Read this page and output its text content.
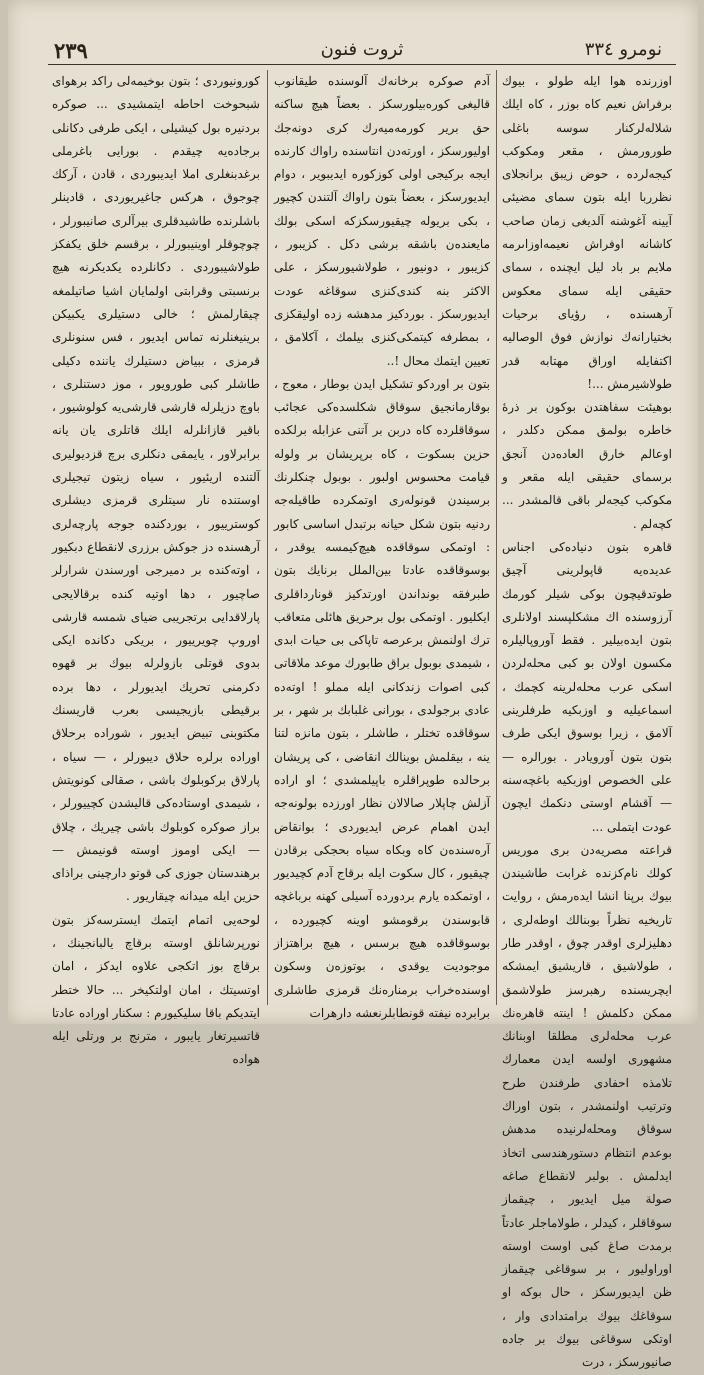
نومرو ٣٣٤
ثروت فنون
٢٣٩

اوزرنده هوا ايله طولو ، بيوك برفراش نعيم كاه بوزر ، كاه ايلك شلاله‌لركنار سوسه باغلى طورورمش ، مقعر ومكوكب كيجه‌لرده ، حوض زيبق برانجلاى نظرربا ايله بتون سماى مضيئى آيينه آغوشنه آلديغى زمان صاحب كاشانه اوفراش نعيمه‌اوزاىرمه ملايم بر باد ليل ايچنده ، سماى حقيقى ايله سماى معكوس آرهسنده ، رؤياى برحيات بختيارانه‌ك نوازش فوق الوصاليه اكتفا‌يله اوراق مهتابه قدر طولاشيرمش ...!

بوهيئت سفاهتدن بوكون بر ذرهٔ خاطره بولمق ممكن دكلدر ، اوعالم خارق العاده‌دن آنجق برسماى حقيقى ايله مقعر و مكوكب كيجه‌لر باقى قالمشدر ... كچه‌لم .

قاهره بتون دنياده‌كى اجناس عديده‌يه قاپولرينى آچيق طوتدقيچون‌ بوكى شيلر كورمك آرزوسنده اك مشكلپسند اولانلرى بتون ايده‌بيلير . فقط آوروپاليلره مكسون اولان بو كبى محله‌لردن اسكى عرب محله‌لرينه كچمك ، اسماعيليه و اوزبكيه طرفلرينى آلامق ، زيرا بوسوق ايكى طرف بتون بتون آورويادر . بورالره — على الخصوص اوزبكيه باغچه‌سنه — آقشام اوستى دنكمك ايچون عودت ايتملى ...

قراعته مصريه‌دن برى موريس كولك نام‌كزنده غرابت طاشيندن بيوك برپنا انشا ايده‌رمش ، روايت تاريخيه نظراً بوبنالك اوطه‌لرى ، دهليزلرى اوقدر چوق ، اوقدر طار ، طولاشيق ، قاريشيق ايمشكه ايچريسنده رهبرسز طولاشمق ممكن دكلمش ! اينته قاهره‌نك عرب محله‌لرى مطلقا اوبنانك مشهورى اولسه ايدن معمارك تلامذه احفادى طرفندن طرح وترتيب اولنمشدر ، بتون اوراك سوقاق ومحله‌لرنيده مدهش بوعدم انتظام دستورهندسى اتخاذ ايدلمش . بولبر لانقطاع صاغه صولة ميل ايديور ، چيقماز سوقاقلر ، كيدلر ، طولاماجلر عادتاً برمدت صاغ كبى اوست اوسته اوراوليور ، بر سوقاغى چيقماز ظن ايديورسكز ، حال بوكه او سوقاغك بيوك برامتدادى وار ، اوتكى سوقاغى بيوك بر جاده صانيورسكز ، درت

آدم صوكره برخانه‌ك آلوسنده طيقانوب قاليغى كوره‌بيلورسكز . بعضاً هيچ ساكنه حق برير كورمه‌ميه‌رك كرى دونه‌جك اوليورسكز ، اورته‌دن انتاسنده راواك كارنده ايجه بركيجى اولى كوزكوره ايديبوير ، دوام ايديورسكز ، بعضاً بتون راواك آلتندن كچيور ، بكى بريوله چيقيورسكزكه اسكى بولك مايعنده‌ن باشقه برشى دكل . كزيبور ، كزيبور ، دونيور ، طولاشيورسكز ، على الاكثر بنه كندى‌كنزى سوقاغه عودت ايديورسكز . بوردكيز مدهشه زده اوليقكزى ، بمطرفه كيتمكى‌كنزى بيلمك ، آكلامق ، تعيين ايتمك محال !..

بتون بر اوردكو تشكيل ايدن بوطار ، معوج ، بوقارمانجيق سوقاق شكلسده‌كى عجائب سوقاقلرده كاه دربن بر آتنى عزابله برلكده حزين بسكوت ، كاه برپريشان بر ولوله قيامت محسوس اولبور . بوبول چنكلرنك برسيندن قونوله‌رى اوتمكرده طاقيله‌جه ردنيه بتون شكل حيانه برتبدل اساسى كابور : اوتمكى سوقاقده هيچ‌كيمسه يوقدر ، بوسوقاقده عادتا بين‌الملل برنايك بتون طبرفقه بونداندن اورتدكيز قونارداقلرى ايكليور . اوتمكى بول برحريق هائلى متعاقب ترك اولنمش برعرصه تاپاكى بى حيات ابدى ، شيمدى بوبول براق طابورك موعد ملاقاتى كبى اصوات زندكانى ايله مملو ! اوته‌ده عادى برجولدى ، بورانى غلبابك بر شهر ، بر سوقاقده تختلر ، طاشلر ، بتون مانزه‌ لتنا ينه ، بيقلمش بوينالك انقاضى ، كى پريشان برحالده طوپراقلره باپيلمشدى ؛ او اراده آزلش چاپلار صالالان نظار اورزده بولونه‌جه ايدن اهمام عرض ايديوردى ؛ بوانقاض آره‌سنده‌ن كاه وبكاه سياه بحجكى برقادن چيقيور ، كال سكوت ايله برقاج آدم كچيديور ، اوتمكده يارم بردورده‌ آسيلى كهنه برباغچه‌ قابوسندن برقومشو اوينه كچيورده ، بوسوقاقده هيچ برسس ، هيچ براهتزاز موجوديت يوقدى ، بوتوزه‌ن وسكون اوسنده‌خراب برمناره‌نك قرمزى طاشلرى برابرده نيفته‌ قونطابلرنعشه دارهرات

كورونيوردى ؛ بتون بوخيمه‌لى راكد برهواى شبحوخت احاطه ايتمشيدى ... صوكره بردنيره بول كيشيلى ، ايكى طرفى دكانلى برجاده‌يه چيقدم . بورايى باغرملى برغدبنغلرى املا ايديبوردى ، قادن ، آركك چوجوق ، هركس جاغيريوردى ، قادينلر باشلرنده طاشيدقلرى بيرآلرى صانيبورلر ، چوچوقلر اوينيبورلر ، برقسم خلق يكفكز طولاشيبوردى . دكانلرده يكديكرنه هيچ برنسبتى وقرابتى اولمايان اشيا صاتيلمغه چيقارلمش ؛ خالى دستيلرى يكبيكن‌ برينيغنلرنه تماس ايديور ، فس سنونلرى قرمزى ، ببياض دستيلرك ياننده دكيلى طاشلر كبى طورويور ، موز دستنلرى ، باوچ دزيلرله قارشى قارشى‌يه كولوشيور ، باقير قازانلرله ايلك قاتلرى يان يانه برابرلاور ، يايمقى دنكلرى برچ قزديوليرى آلتنده اريئيور ، سياه زيتون تيجيلرى اوستنده نار سيتلرى قرمزى ديشلرى كوسترييور ، بوردكنده جوجه پارچه‌لرى آرهسنده دز جوكش برزرى لانقطاع دبكيور ، اوته‌كنده بر دميرجى اورسندن شرارلر صاچيور ، دها اوتيه كنده برقالايجى پارلاقدايى برتجريبى ضياى شمسه قارشى اوروپ چويرييور ، بريكى دكانده ايكى بدوى قوتلى بازولرله بيوك بر قهوه دكرمنى تحريك ايديورلر ، دها برده برقيطى بازيجيسى بعرب قاريسنك مكتوبنى تبيض ايديور ، شوراده برحلاق اوراده برلره حلاق ديبورلر ، — سياه ، پارلاق بركوبلوك باشى ، صقالى كونويتش ، شيمدى اوستاده‌كى قاليشدن كچييورلر ، براز صوكره كوبلوك باشى چيريك ، چلاق — ايكى اوموز اوسته قونيمش — برهندستان جوزى كى قوتو دارچينى براذاى حزين ايله ميدانه چيقاريور .

لوحه‌يى اتمام ايتمك ايسترسه‌كز بتون نورپرشانلق اوسته برقاچ يالبانجينك ، برقاچ بوز اتكجى علاوه ايدكز ، امان اوتسيتك ، امان اولتكيخر ... حالا ختطر ايتديكم باقا سليكيورم : سكنار اوراده عادتا قاتسيرتغار يايبور ، مترنج بر ورتلى ايله هواده
